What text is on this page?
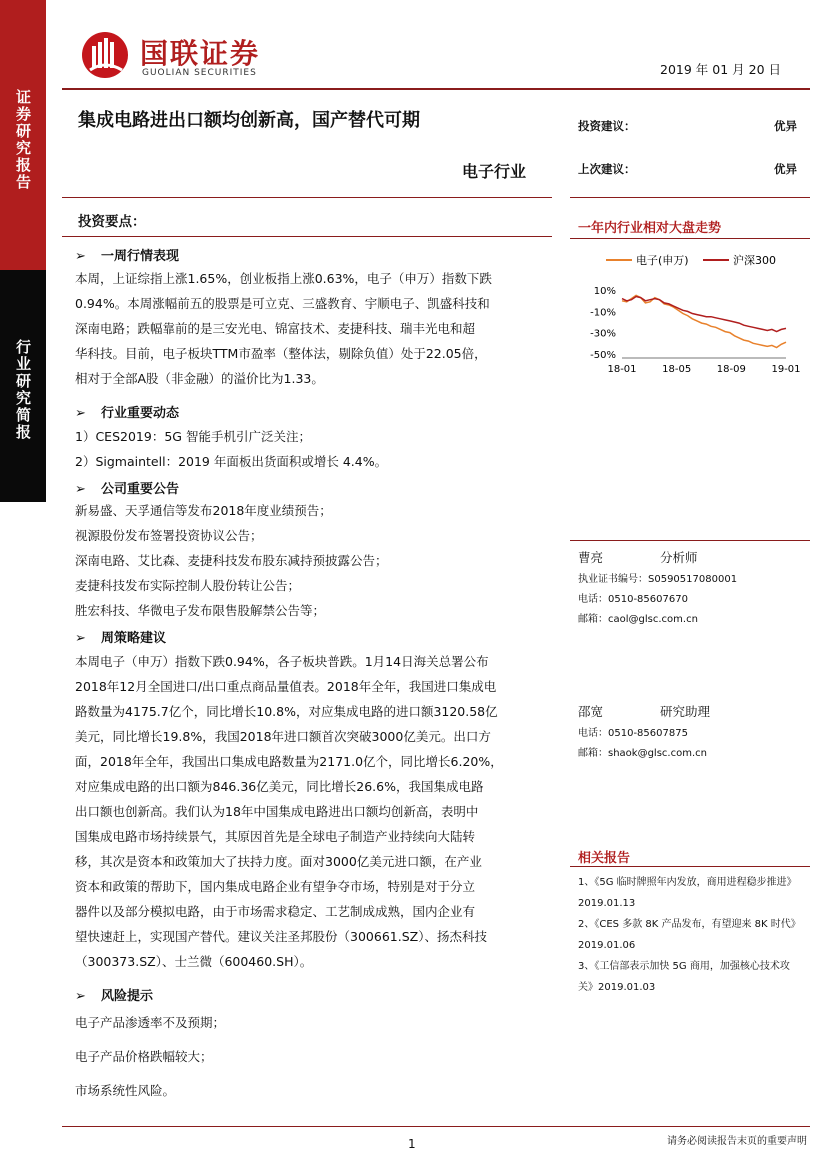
证券研究报告
行业研究简报
国联证券
GUOLIAN SECURITIES	2019 年 01 月 20 日
集成电路进出口额均创新高，国产替代可期
电子行业
投资建议：	优异
上次建议：	优异
投资要点：	一年内行业相对大盘走势
电子(申万)	沪深300
10%
-10%
-30%
-50%
18-01	18-05	18-09	19-01
➢ 一周行情表现
本周，上证综指上涨1.65%，创业板指上涨0.63%，电子（申万）指数下跌
0.94%。本周涨幅前五的股票是可立克、三盛教育、宇顺电子、凯盛科技和
深南电路；跌幅靠前的是三安光电、锦富技术、麦捷科技、瑞丰光电和超
华科技。目前，电子板块TTM市盈率（整体法，剔除负值）处于22.05倍，
相对于全部A股（非金融）的溢价比为1.33。
➢ 行业重要动态
1）CES2019：5G 智能手机引广泛关注；
2）Sigmaintell：2019 年面板出货面积或增长 4.4%。
➢ 公司重要公告
新易盛、天孚通信等发布2018年度业绩预告；
视源股份发布签署投资协议公告；
深南电路、艾比森、麦捷科技发布股东减持预披露公告；
麦捷科技发布实际控制人股份转让公告；
胜宏科技、华微电子发布限售股解禁公告等；
➢ 周策略建议
本周电子（申万）指数下跌0.94%，各子板块普跌。1月14日海关总署公布
2018年12月全国进口/出口重点商品量值表。2018年全年，我国进口集成电
路数量为4175.7亿个，同比增长10.8%，对应集成电路的进口额3120.58亿
美元，同比增长19.8%，我国2018年进口额首次突破3000亿美元。出口方
面，2018年全年，我国出口集成电路数量为2171.0亿个，同比增长6.20%，
对应集成电路的出口额为846.36亿美元，同比增长26.6%，我国集成电路
出口额也创新高。我们认为18年中国集成电路进出口额均创新高，表明中
国集成电路市场持续景气，其原因首先是全球电子制造产业持续向大陆转
移，其次是资本和政策加大了扶持力度。面对3000亿美元进口额，在产业
资本和政策的帮助下，国内集成电路企业有望争夺市场，特别是对于分立
器件以及部分模拟电路，由于市场需求稳定、工艺制成成熟，国内企业有
望快速赶上，实现国产替代。建议关注圣邦股份（300661.SZ）、扬杰科技
（300373.SZ）、士兰微（600460.SH）。
➢ 风险提示
电子产品渗透率不及预期；
电子产品价格跌幅较大；
市场系统性风险。
曹亮	分析师
执业证书编号：S0590517080001
电话：0510-85607670
邮箱：caol@glsc.com.cn
邵宽	研究助理
电话：0510-85607875
邮箱：shaok@glsc.com.cn
相关报告
1、《5G 临时牌照年内发放，商用进程稳步推进》
2019.01.13
2、《CES 多款 8K 产品发布，有望迎来 8K 时代》
2019.01.06
3、《工信部表示加快 5G 商用，加强核心技术攻
关》2019.01.03
1	请务必阅读报告末页的重要声明
